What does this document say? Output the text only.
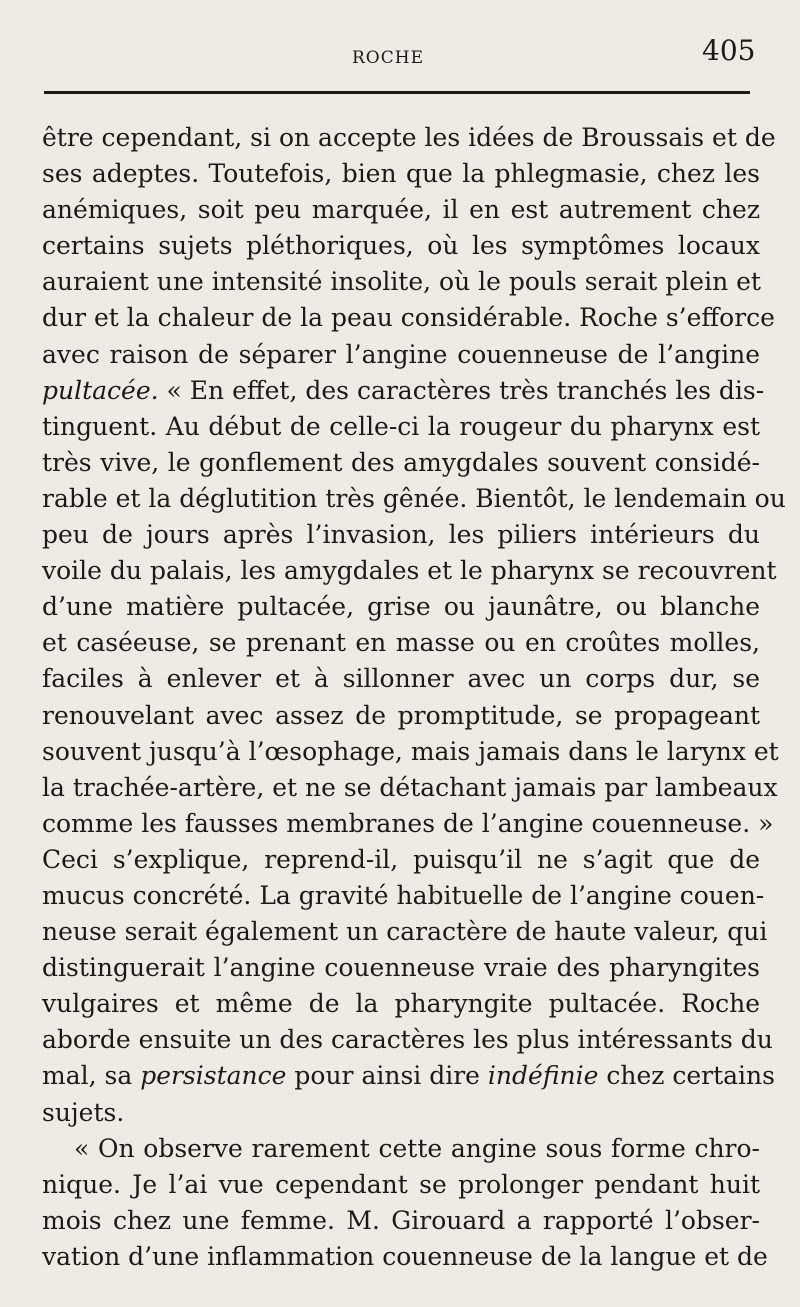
ROCHE	405
être cependant, si on accepte les idées de Broussais et de
ses adeptes. Toutefois, bien que la phlegmasie, chez les
anémiques, soit peu marquée, il en est autrement chez
certains sujets pléthoriques, où les symptômes locaux
auraient une intensité insolite, où le pouls serait plein et
dur et la chaleur de la peau considérable. Roche s’efforce
avec raison de séparer l’angine couenneuse de l’angine
pultacée. « En effet, des caractères très tranchés les dis-
tinguent. Au début de celle-ci la rougeur du pharynx est
très vive, le gonflement des amygdales souvent considé-
rable et la déglutition très gênée. Bientôt, le lendemain ou
peu de jours après l’invasion, les piliers intérieurs du
voile du palais, les amygdales et le pharynx se recouvrent
d’une matière pultacée, grise ou jaunâtre, ou blanche
et caséeuse, se prenant en masse ou en croûtes molles,
faciles à enlever et à sillonner avec un corps dur, se
renouvelant avec assez de promptitude, se propageant
souvent jusqu’à l’œsophage, mais jamais dans le larynx et
la trachée-artère, et ne se détachant jamais par lambeaux
comme les fausses membranes de l’angine couenneuse. »
Ceci s’explique, reprend-il, puisqu’il ne s’agit que de
mucus concrété. La gravité habituelle de l’angine couen-
neuse serait également un caractère de haute valeur, qui
distinguerait l’angine couenneuse vraie des pharyngites
vulgaires et même de la pharyngite pultacée. Roche
aborde ensuite un des caractères les plus intéressants du
mal, sa persistance pour ainsi dire indéfinie chez certains
sujets.
« On observe rarement cette angine sous forme chro-
nique. Je l’ai vue cependant se prolonger pendant huit
mois chez une femme. M. Girouard a rapporté l’obser-
vation d’une inflammation couenneuse de la langue et de
